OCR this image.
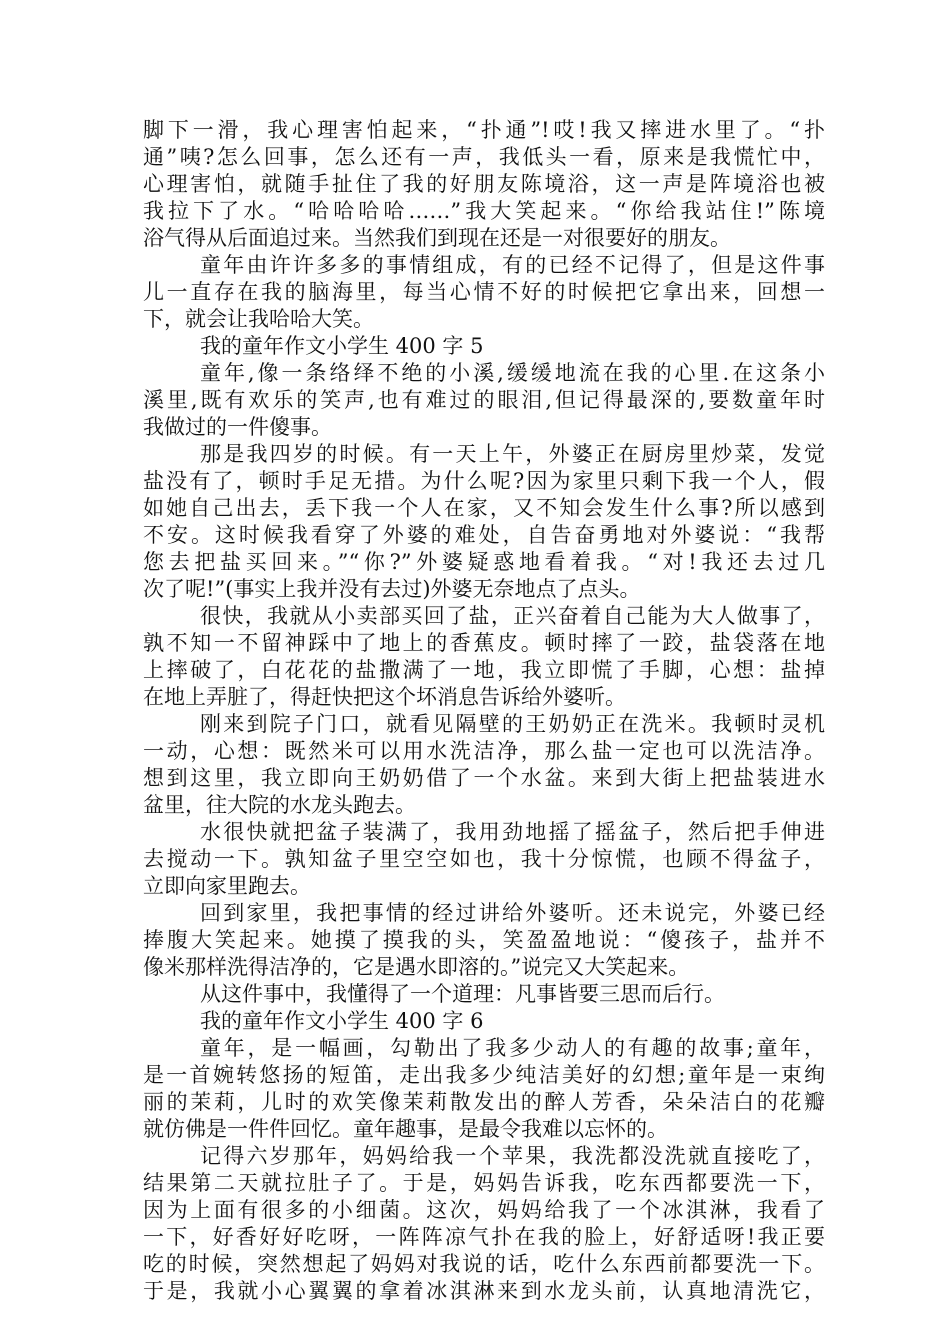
脚下一滑，我心理害怕起来，“扑通”!哎!我又摔进水里了。“扑
通”咦?怎么回事，怎么还有一声，我低头一看，原来是我慌忙中，
心理害怕，就随手扯住了我的好朋友陈境浴，这一声是阵境浴也被
我拉下了水。“哈哈哈哈……”我大笑起来。“你给我站住!”陈境
浴气得从后面追过来。当然我们到现在还是一对很要好的朋友。
童年由许许多多的事情组成，有的已经不记得了，但是这件事
儿一直存在我的脑海里，每当心情不好的时候把它拿出来，回想一
下，就会让我哈哈大笑。
我的童年作文小学生 400 字 5
童年,像一条络绎不绝的小溪,缓缓地流在我的心里.在这条小
溪里,既有欢乐的笑声,也有难过的眼泪,但记得最深的,要数童年时
我做过的一件傻事。
那是我四岁的时候。有一天上午，外婆正在厨房里炒菜，发觉
盐没有了，顿时手足无措。为什么呢?因为家里只剩下我一个人，假
如她自己出去，丢下我一个人在家，又不知会发生什么事?所以感到
不安。这时候我看穿了外婆的难处，自告奋勇地对外婆说：“我帮
您去把盐买回来。”“你?”外婆疑惑地看着我。“对!我还去过几
次了呢!”(事实上我并没有去过)外婆无奈地点了点头。
很快，我就从小卖部买回了盐，正兴奋着自己能为大人做事了，
孰不知一不留神踩中了地上的香蕉皮。顿时摔了一跤，盐袋落在地
上摔破了，白花花的盐撒满了一地，我立即慌了手脚，心想：盐掉
在地上弄脏了，得赶快把这个坏消息告诉给外婆听。
刚来到院子门口，就看见隔壁的王奶奶正在洗米。我顿时灵机
一动，心想：既然米可以用水洗洁净，那么盐一定也可以洗洁净。
想到这里，我立即向王奶奶借了一个水盆。来到大街上把盐装进水
盆里，往大院的水龙头跑去。
水很快就把盆子装满了，我用劲地摇了摇盆子，然后把手伸进
去搅动一下。孰知盆子里空空如也，我十分惊慌，也顾不得盆子，
立即向家里跑去。
回到家里，我把事情的经过讲给外婆听。还未说完，外婆已经
捧腹大笑起来。她摸了摸我的头，笑盈盈地说：“傻孩子，盐并不
像米那样洗得洁净的，它是遇水即溶的。”说完又大笑起来。
从这件事中，我懂得了一个道理：凡事皆要三思而后行。
我的童年作文小学生 400 字 6
童年，是一幅画，勾勒出了我多少动人的有趣的故事;童年，
是一首婉转悠扬的短笛，走出我多少纯洁美好的幻想;童年是一束绚
丽的茉莉，儿时的欢笑像茉莉散发出的醉人芳香，朵朵洁白的花瓣
就仿佛是一件件回忆。童年趣事，是最令我难以忘怀的。
记得六岁那年，妈妈给我一个苹果，我洗都没洗就直接吃了，
结果第二天就拉肚子了。于是，妈妈告诉我，吃东西都要洗一下，
因为上面有很多的小细菌。这次，妈妈给我了一个冰淇淋，我看了
一下，好香好好吃呀，一阵阵凉气扑在我的脸上，好舒适呀!我正要
吃的时候，突然想起了妈妈对我说的话，吃什么东西前都要洗一下。
于是，我就小心翼翼的拿着冰淇淋来到水龙头前，认真地清洗它，
